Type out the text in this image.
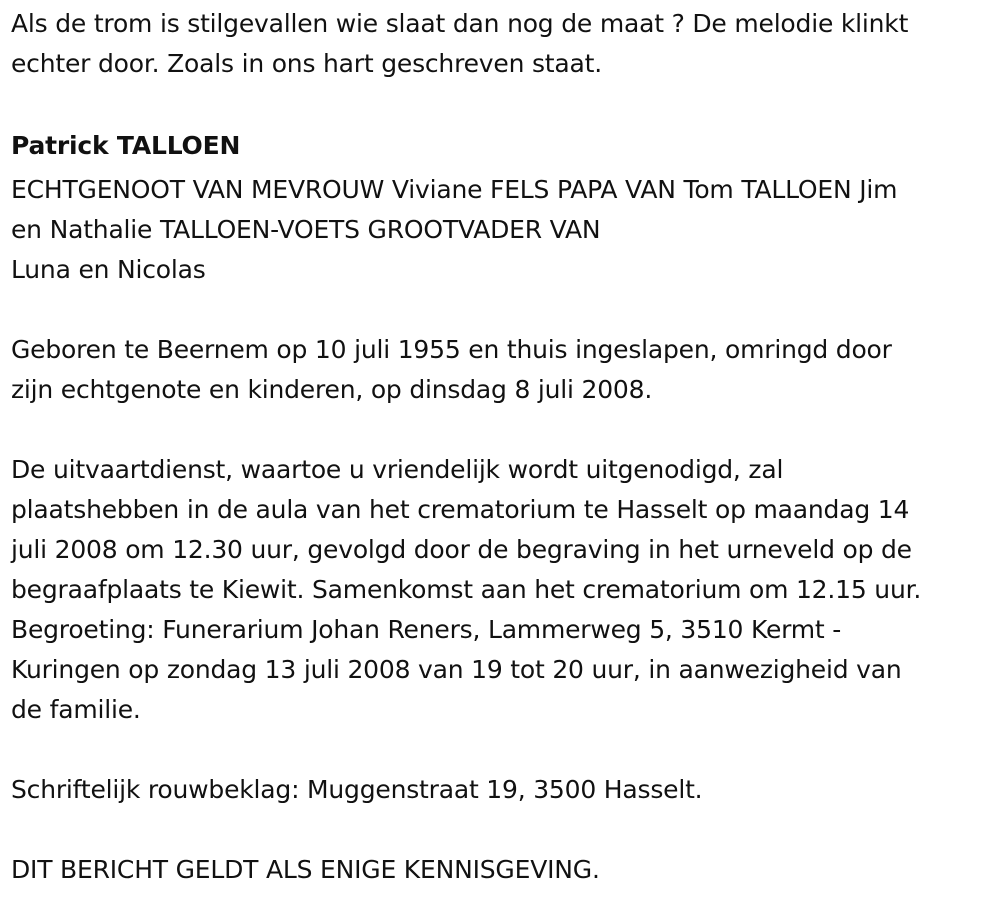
Als de trom is stilgevallen wie slaat dan nog de maat ? De melodie klinkt
echter door. Zoals in ons hart geschreven staat.

Patrick TALLOEN

ECHTGENOOT VAN MEVROUW Viviane FELS PAPA VAN Tom TALLOEN Jim
en Nathalie TALLOEN-VOETS GROOTVADER VAN

Luna en Nicolas

Geboren te Beernem op 10 juli 1955 en thuis ingeslapen, omringd door
zijn echtgenote en kinderen, op dinsdag 8 juli 2008.

De uitvaartdienst, waartoe u vriendelijk wordt uitgenodigd, zal
plaatshebben in de aula van het crematorium te Hasselt op maandag 14
juli 2008 om 12.30 uur, gevolgd door de begraving in het urneveld op de
begraafplaats te Kiewit. Samenkomst aan het crematorium om 12.15 uur.
Begroeting: Funerarium Johan Reners, Lammerweg 5, 3510 Kermt -
Kuringen op zondag 13 juli 2008 van 19 tot 20 uur, in aanwezigheid van
de familie.

Schriftelijk rouwbeklag: Muggenstraat 19, 3500 Hasselt.

DIT BERICHT GELDT ALS ENIGE KENNISGEVING.
